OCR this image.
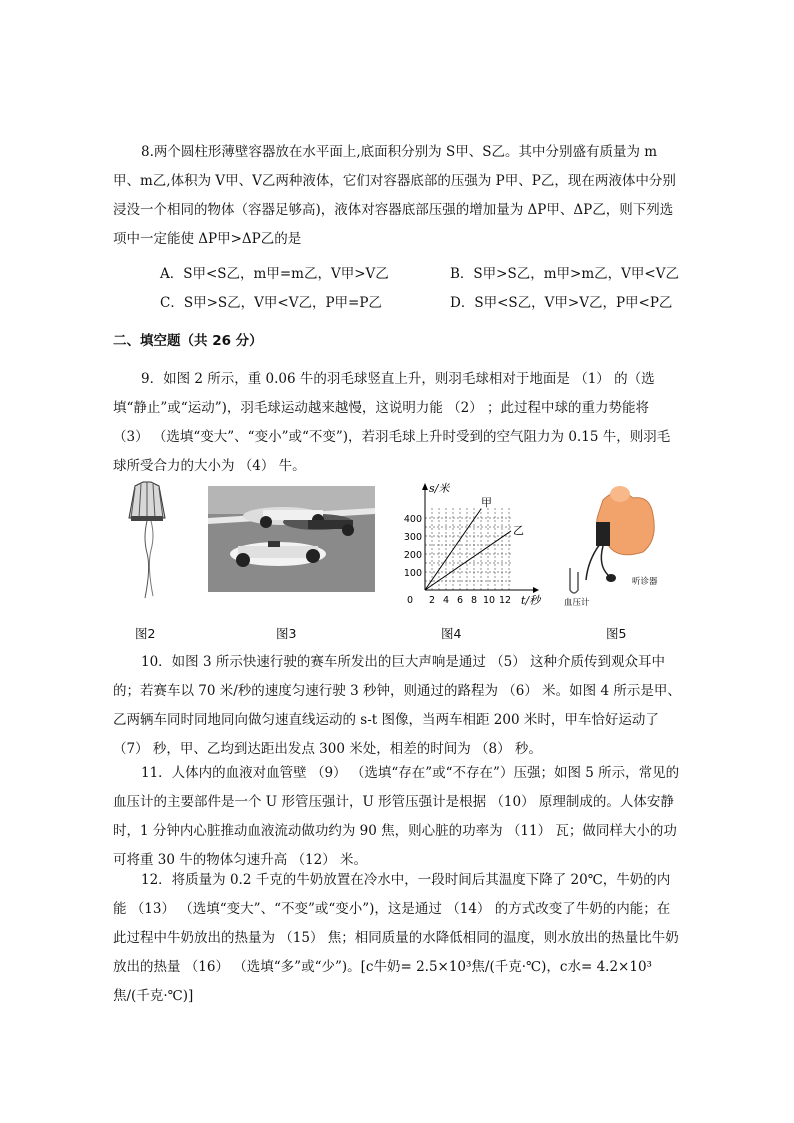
8.两个圆柱形薄壁容器放在水平面上,底面积分别为 S甲、S乙。其中分别盛有质量为 m甲、m乙,体积为 V甲、V乙两种液体，它们对容器底部的压强为 P甲、P乙，现在两液体中分别浸没一个相同的物体（容器足够高)，液体对容器底部压强的增加量为 ΔP甲、ΔP乙，则下列选项中一定能使 ΔP甲>ΔP乙的是

A．S甲<S乙，m甲=m乙，V甲>V乙	B．S甲>S乙，m甲>m乙，V甲<V乙
C．S甲>S乙，V甲<V乙，P甲=P乙	D．S甲<S乙，V甲>V乙，P甲<P乙
二、填空题（共 26 分）

9．如图 2 所示，重 0.06 牛的羽毛球竖直上升，则羽毛球相对于地面是 （1） 的（选填“静止”或“运动”)，羽毛球运动越来越慢，这说明力能 （2） ；此过程中球的重力势能将 （3） （选填“变大”、“变小”或“不变”)，若羽毛球上升时受到的空气阻力为 0.15 牛，则羽毛球所受合力的大小为 （4） 牛。

甲
乙
s/米
t/秒
400
300
200
100
0 2 4 6 8 10 12
听诊器
血压计
图2	图3	图4	图5

10．如图 3 所示快速行驶的赛车所发出的巨大声响是通过 （5） 这种介质传到观众耳中的；若赛车以 70 米/秒的速度匀速行驶 3 秒钟，则通过的路程为 （6） 米。如图 4 所示是甲、乙两辆车同时同地同向做匀速直线运动的 s-t 图像，当两车相距 200 米时，甲车恰好运动了 （7） 秒，甲、乙均到达距出发点 300 米处，相差的时间为 （8） 秒。

11．人体内的血液对血管壁 （9） （选填“存在”或“不存在”）压强；如图 5 所示，常见的血压计的主要部件是一个 U 形管压强计，U 形管压强计是根据 （10） 原理制成的。人体安静时，1 分钟内心脏推动血液流动做功约为 90 焦，则心脏的功率为 （11） 瓦；做同样大小的功可将重 30 牛的物体匀速升高 （12） 米。

12．将质量为 0.2 千克的牛奶放置在冷水中，一段时间后其温度下降了 20℃，牛奶的内能 （13） （选填“变大”、“不变”或“变小”)，这是通过 （14） 的方式改变了牛奶的内能；在此过程中牛奶放出的热量为 （15） 焦；相同质量的水降低相同的温度，则水放出的热量比牛奶放出的热量 （16） （选填“多”或“少”)。[c牛奶= 2.5×10³焦/(千克·℃)，c水= 4.2×10³焦/(千克·℃)]
